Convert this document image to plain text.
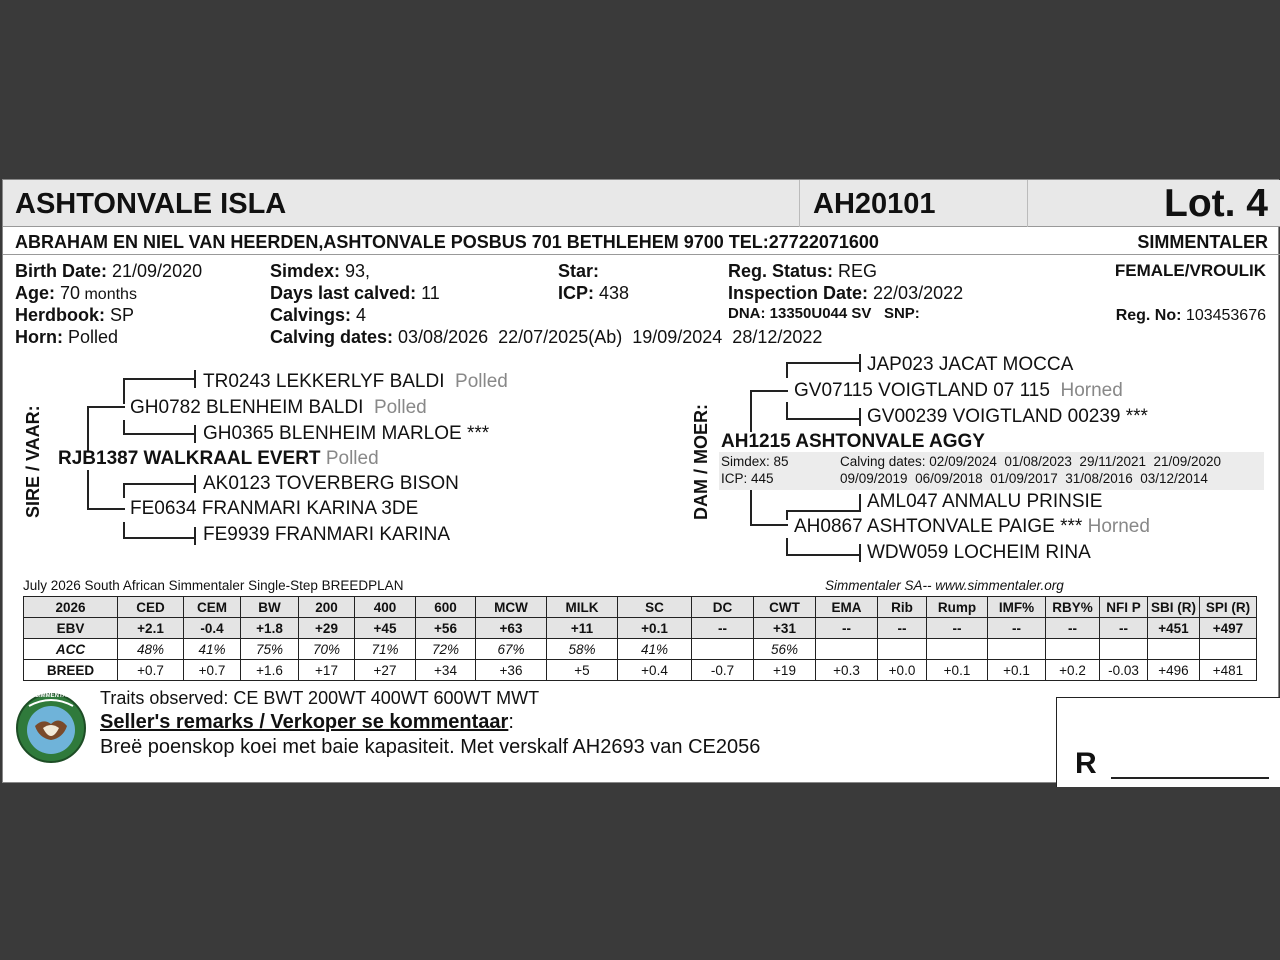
ASHTONVALE ISLA	AH20101	Lot. 4
ABRAHAM EN NIEL VAN HEERDEN,ASHTONVALE POSBUS 701 BETHLEHEM 9700 TEL:27722071600	SIMMENTALER
Birth Date: 21/09/2020
Age: 70 months
Herdbook: SP
Horn: Polled
Simdex: 93,
Days last calved: 11
Calvings: 4
Calving dates: 03/08/2026  22/07/2025(Ab)  19/09/2024  28/12/2022
Star:
ICP: 438
Reg. Status: REG
Inspection Date: 22/03/2022
DNA: 13350U044 SV SNP:
FEMALE/VROULIK
Reg. No: 103453676
SIRE / VAAR:
TR0243 LEKKERLYF BALDI Polled
GH0782 BLENHEIM BALDI Polled
GH0365 BLENHEIM MARLOE ***
RJB1387 WALKRAAL EVERT Polled
AK0123 TOVERBERG BISON
FE0634 FRANMARI KARINA 3DE
FE9939 FRANMARI KARINA
DAM / MOER:
JAP023 JACAT MOCCA
GV07115 VOIGTLAND 07 115 Horned
GV00239 VOIGTLAND 00239 ***
AH1215 ASHTONVALE AGGY
Simdex: 85
ICP: 445
Calving dates: 02/09/2024  01/08/2023  29/11/2021  21/09/2020
09/09/2019  06/09/2018  01/09/2017  31/08/2016  03/12/2014
AML047 ANMALU PRINSIE
AH0867 ASHTONVALE PAIGE *** Horned
WDW059 LOCHEIM RINA
July 2026 South African Simmentaler Single-Step BREEDPLAN	Simmentaler SA-- www.simmentaler.org
2026	CED	CEM	BW	200	400	600	MCW	MILK	SC	DC	CWT	EMA	Rib	Rump	IMF%	RBY%	NFI P	SBI (R)	SPI (R)
EBV	+2.1	-0.4	+1.8	+29	+45	+56	+63	+11	+0.1	--	+31	--	--	--	--	--	--	+451	+497
ACC	48%	41%	75%	70%	71%	72%	67%	58%	41%		56%								
BREED	+0.7	+0.7	+1.6	+17	+27	+34	+36	+5	+0.4	-0.7	+19	+0.3	+0.0	+0.1	+0.1	+0.2	-0.03	+496	+481
SIMMENTALER Traits observed: CE BWT 200WT 400WT 600WT MWT
Seller's remarks / Verkoper se kommentaar:
Breë poenskop koei met baie kapasiteit. Met verskalf AH2693 van CE2056	R
